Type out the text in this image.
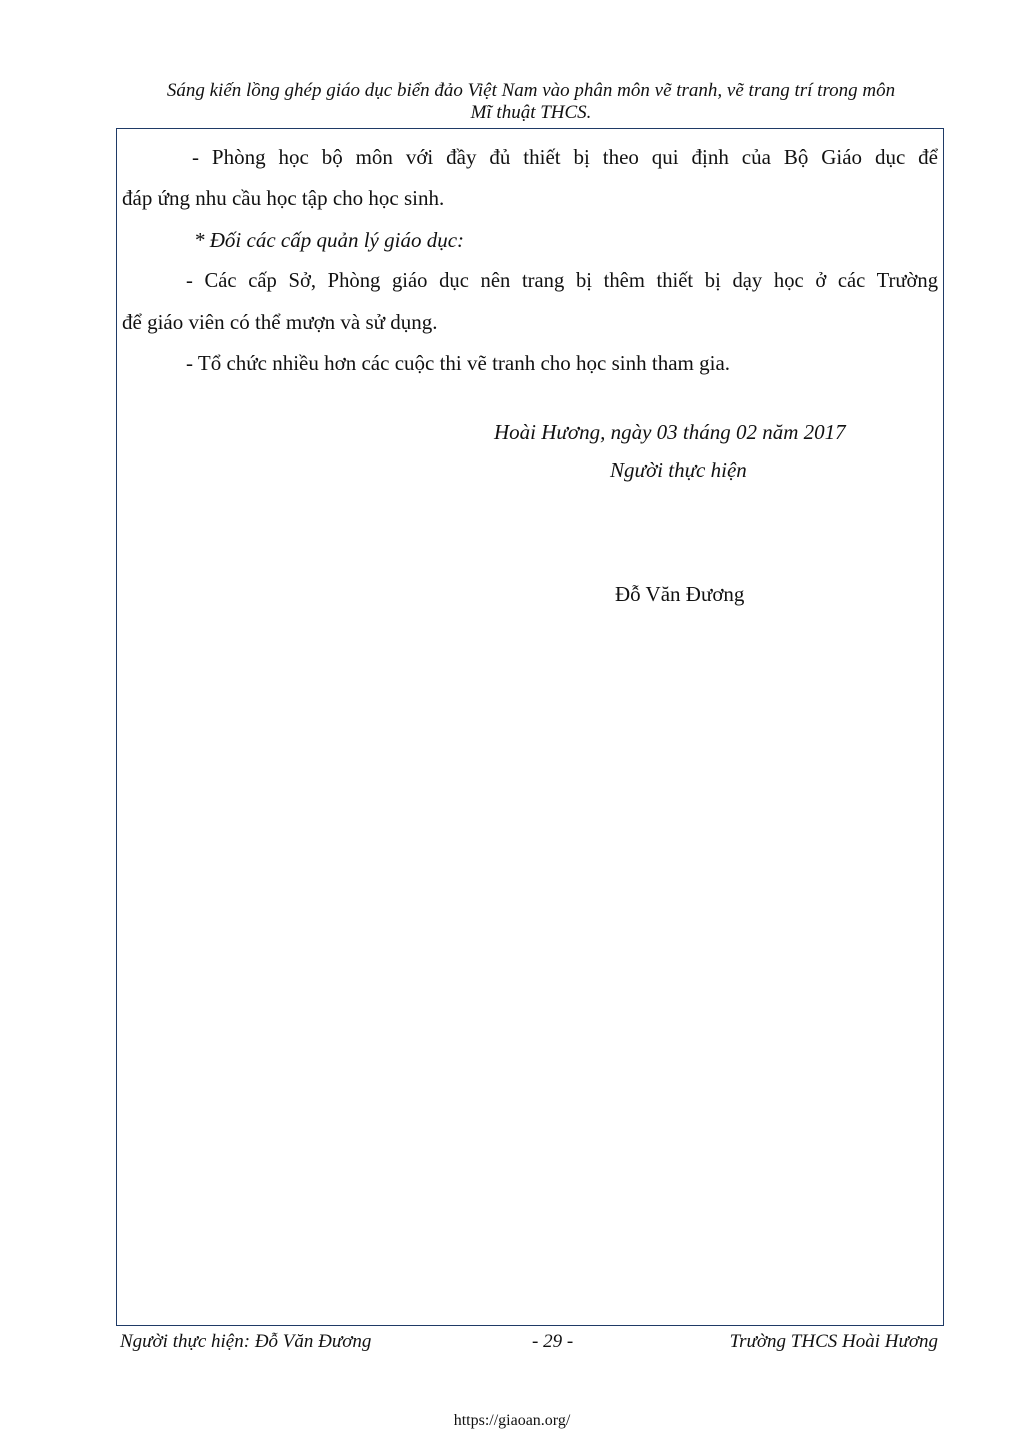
Sáng kiến lồng ghép giáo dục biển đảo Việt Nam vào phân môn vẽ tranh, vẽ trang trí trong môn
Mĩ thuật THCS.
- Phòng học bộ môn với đầy đủ thiết bị theo qui định của Bộ Giáo dục để
đáp ứng nhu cầu học tập cho học sinh.
* Đối các cấp quản lý giáo dục:
- Các cấp Sở, Phòng giáo dục nên trang bị thêm thiết bị dạy học ở các Trường
để giáo viên có thể mượn và sử dụng.
- Tổ chức nhiều hơn các cuộc thi vẽ tranh cho học sinh tham gia.
Hoài Hương, ngày 03 tháng 02 năm 2017
Người thực hiện
Đỗ Văn Đương
Người thực hiện: Đỗ Văn Đương	- 29 -	Trường THCS Hoài Hương
https://giaoan.org/
